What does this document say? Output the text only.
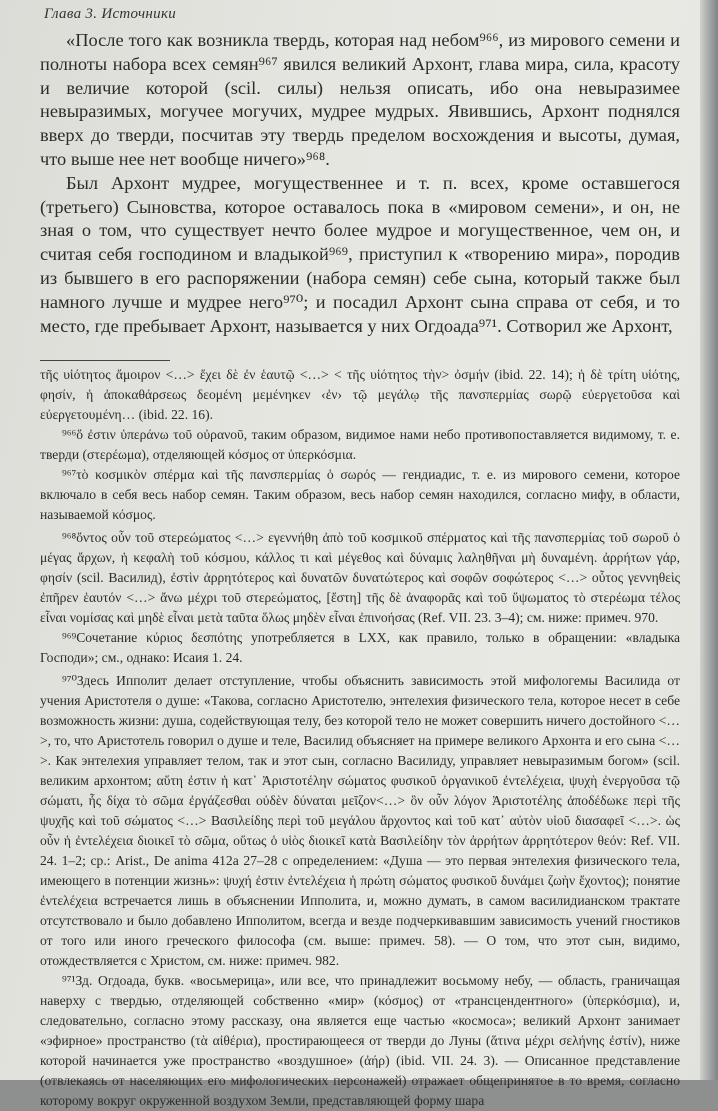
Глава 3. Источники

«После того как возникла твердь, которая над небом⁹⁶⁶, из мирового семени и полноты набора всех семян⁹⁶⁷ явился великий Архонт, глава мира, сила, красоту и величие которой (scil. силы) нельзя описать, ибо она невыразимее невыразимых, могучее могучих, мудрее мудрых. Явившись, Архонт поднялся вверх до тверди, посчитав эту твердь пределом восхождения и высоты, думая, что выше нее нет вообще ничего»⁹⁶⁸.

Был Архонт мудрее, могущественнее и т. п. всех, кроме оставшегося (третьего) Сыновства, которое оставалось пока в «мировом семени», и он, не зная о том, что существует нечто более мудрое и могущественное, чем он, и считая себя господином и владыкой⁹⁶⁹, приступил к «творению мира», породив из бывшего в его распоряжении (набора семян) себе сына, который также был намного лучше и мудрее него⁹⁷⁰; и посадил Архонт сына справа от себя, и то место, где пребывает Архонт, называется у них Огдоада⁹⁷¹. Сотворил же Архонт,

τῆς υἱότητος ἄμοιρον <…> ἔχει δὲ ἐν ἑαυτῷ <…> < τῆς υἱότητος τὴν> ὀσμήν (ibid. 22. 14); ἡ δὲ τρίτη υἱότης, φησίν, ἡ ἀποκαθάρσεως δεομένη μεμένηκεν ‹ἐν› τῷ μεγάλῳ τῆς πανσπερμίας σωρῷ εὐεργετοῦσα καὶ εὐεργετουμένη… (ibid. 22. 16).

⁹⁶⁶ὅ ἐστιν ὑπεράνω τοῦ οὐρανοῦ, таким образом, видимое нами небо противопоставляется видимому, т. е. тверди (στερέωμα), отделяющей κόσμος от ὑπερκόσμια.

⁹⁶⁷τὸ κοσμικὸν σπέρμα καὶ τῆς πανσπερμίας ὁ σωρός — гендиадис, т. е. из мирового семени, которое включало в себя весь набор семян. Таким образом, весь набор семян находился, согласно мифу, в области, называемой κόσμος.

⁹⁶⁸ὄντος οὖν τοῦ στερεώματος <…> εγεννήθη ἀπὸ τοῦ κοσμικοῦ σπέρματος καὶ τῆς πανσπερμίας τοῦ σωροῦ ὁ μέγας ἄρχων, ἡ κεφαλὴ τοῦ κόσμου, κάλλος τι καὶ μέγεθος καὶ δύναμις λαληθῆναι μὴ δυναμένη. ἀρρήτων γάρ, φησίν (scil. Василид), ἐστὶν ἀρρητότερος καὶ δυνατῶν δυνατώτερος καὶ σοφῶν σοφώτερος <…> οὗτος γεννηθεὶς ἐπῆρεν ἑαυτόν <…> ἄνω μέχρι τοῦ στερεώματος, [ἔστη] τῆς δὲ ἀναφορᾶς καὶ τοῦ ὕψωματος τὸ στερέωμα τέλος εἶναι νομίσας καὶ μηδὲ εἶναι μετὰ ταῦτα ὅλως μηδὲν εἶναι ἐπινοήσας (Ref. VII. 23. 3–4); см. ниже: примеч. 970.

⁹⁶⁹Сочетание κύριος δεσπότης употребляется в LXX, как правило, только в обращении: «владыка Господи»; см., однако: Исаия 1. 24.

⁹⁷⁰Здесь Ипполит делает отступление, чтобы объяснить зависимость этой мифологемы Василида от учения Аристотеля о душе: «Такова, согласно Аристотелю, энтелехия физического тела, которое несет в себе возможность жизни: душа, содействующая телу, без которой тело не может совершить ничего достойного <…>, то, что Аристотель говорил о душе и теле, Василид объясняет на примере великого Архонта и его сына <…>. Как энтелехия управляет телом, так и этот сын, согласно Василиду, управляет невыразимым богом» (scil. великим архонтом; αὕτη ἐστιν ἡ κατ᾽ Ἀριστοτέλην σώματος φυσικοῦ ὀργανικοῦ ἐντελέχεια, ψυχὴ ἐνεργοῦσα τῷ σώματι, ἧς δίχα τὸ σῶμα ἐργάζεσθαι οὐδὲν δύναται μεῖζον<…> ὃν οὖν λόγον Ἀριστοτέλης ἀποδέδωκε περὶ τῆς ψυχῆς καὶ τοῦ σώματος <…> Βασιλείδης περὶ τοῦ μεγάλου ἄρχοντος καὶ τοῦ κατ᾽ αὐτὸν υἱοῦ διασαφεῖ <…>. ὡς οὖν ἡ ἐντελέχεια διοικεῖ τὸ σῶμα, οὕτως ὁ υἱὸς διοικεῖ κατὰ Βασιλείδην τὸν ἀρρήτων ἀρρητότερον θεόν: Ref. VII. 24. 1–2; ср.: Arist., De anima 412a 27–28 с определением: «Душа — это первая энтелехия физического тела, имеющего в потенции жизнь»: ψυχή ἐστιν ἐντελέχεια ἡ πρώτη σώματος φυσικοῦ δυνάμει ζωὴν ἔχοντος); понятие ἐντελέχεια встречается лишь в объяснении Ипполита, и, можно думать, в самом василидианском трактате отсутствовало и было добавлено Ипполитом, всегда и везде подчеркивавшим зависимость учений гностиков от того или иного греческого философа (см. выше: примеч. 58). — О том, что этот сын, видимо, отождествляется с Христом, см. ниже: примеч. 982.

⁹⁷¹Зд. Огдоада, букв. «восьмерица», или все, что принадлежит восьмому небу, — область, граничащая наверху с твердью, отделяющей собственно «мир» (κόσμος) от «трансцендентного» (ὑπερκόσμια), и, следовательно, согласно этому рассказу, она является еще частью «космоса»; великий Архонт занимает «эфирное» пространство (τὰ αἰθέρια), простирающееся от тверди до Луны (ἅτινα μέχρι σελήνης ἐστίν), ниже которой начинается уже пространство «воздушное» (ἀήρ) (ibid. VII. 24. 3). — Описанное представление (отвлекаясь от населяющих его мифологических персонажей) отражает общепринятое в то время, согласно которому вокруг окруженной воздухом Земли, представляющей форму шара
